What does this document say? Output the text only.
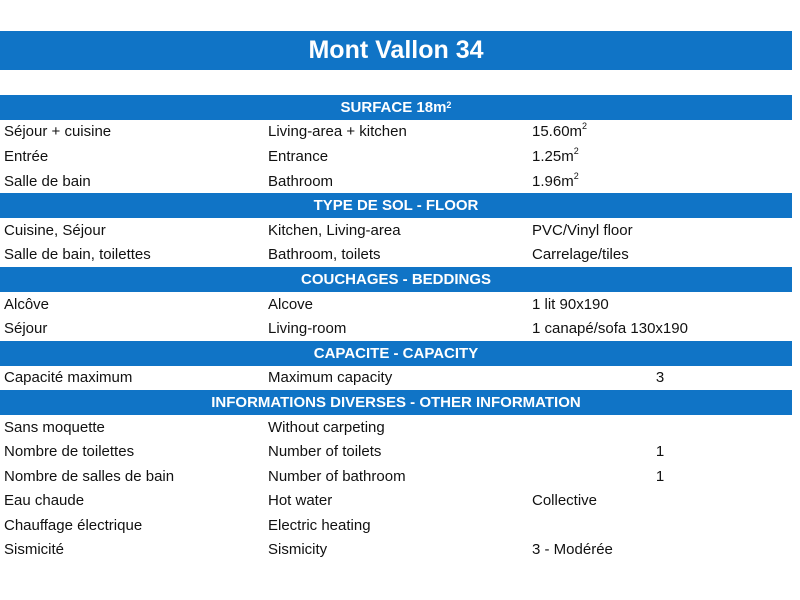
Mont Vallon 34
SURFACE $18m^2$
Séjour + cuisine	Living-area + kitchen	$15.60m^2$
Entrée	Entrance	$1.25m^2$
Salle de bain	Bathroom	$1.96m^2$
TYPE DE SOL - FLOOR
Cuisine, Séjour	Kitchen, Living-area	PVC/Vinyl floor
Salle de bain, toilettes	Bathroom, toilets	Carrelage/tiles
COUCHAGES - BEDDINGS
Alcôve	Alcove	1 lit 90x190
Séjour	Living-room	1 canapé/sofa 130x190
CAPACITE - CAPACITY
Capacité maximum	Maximum capacity	3
INFORMATIONS DIVERSES - OTHER INFORMATION
Sans moquette	Without carpeting
Nombre de toilettes	Number of toilets	1
Nombre de salles de bain	Number of bathroom	1
Eau chaude	Hot water	Collective
Chauffage électrique	Electric heating
Sismicité	Sismicity	3 - Modérée
